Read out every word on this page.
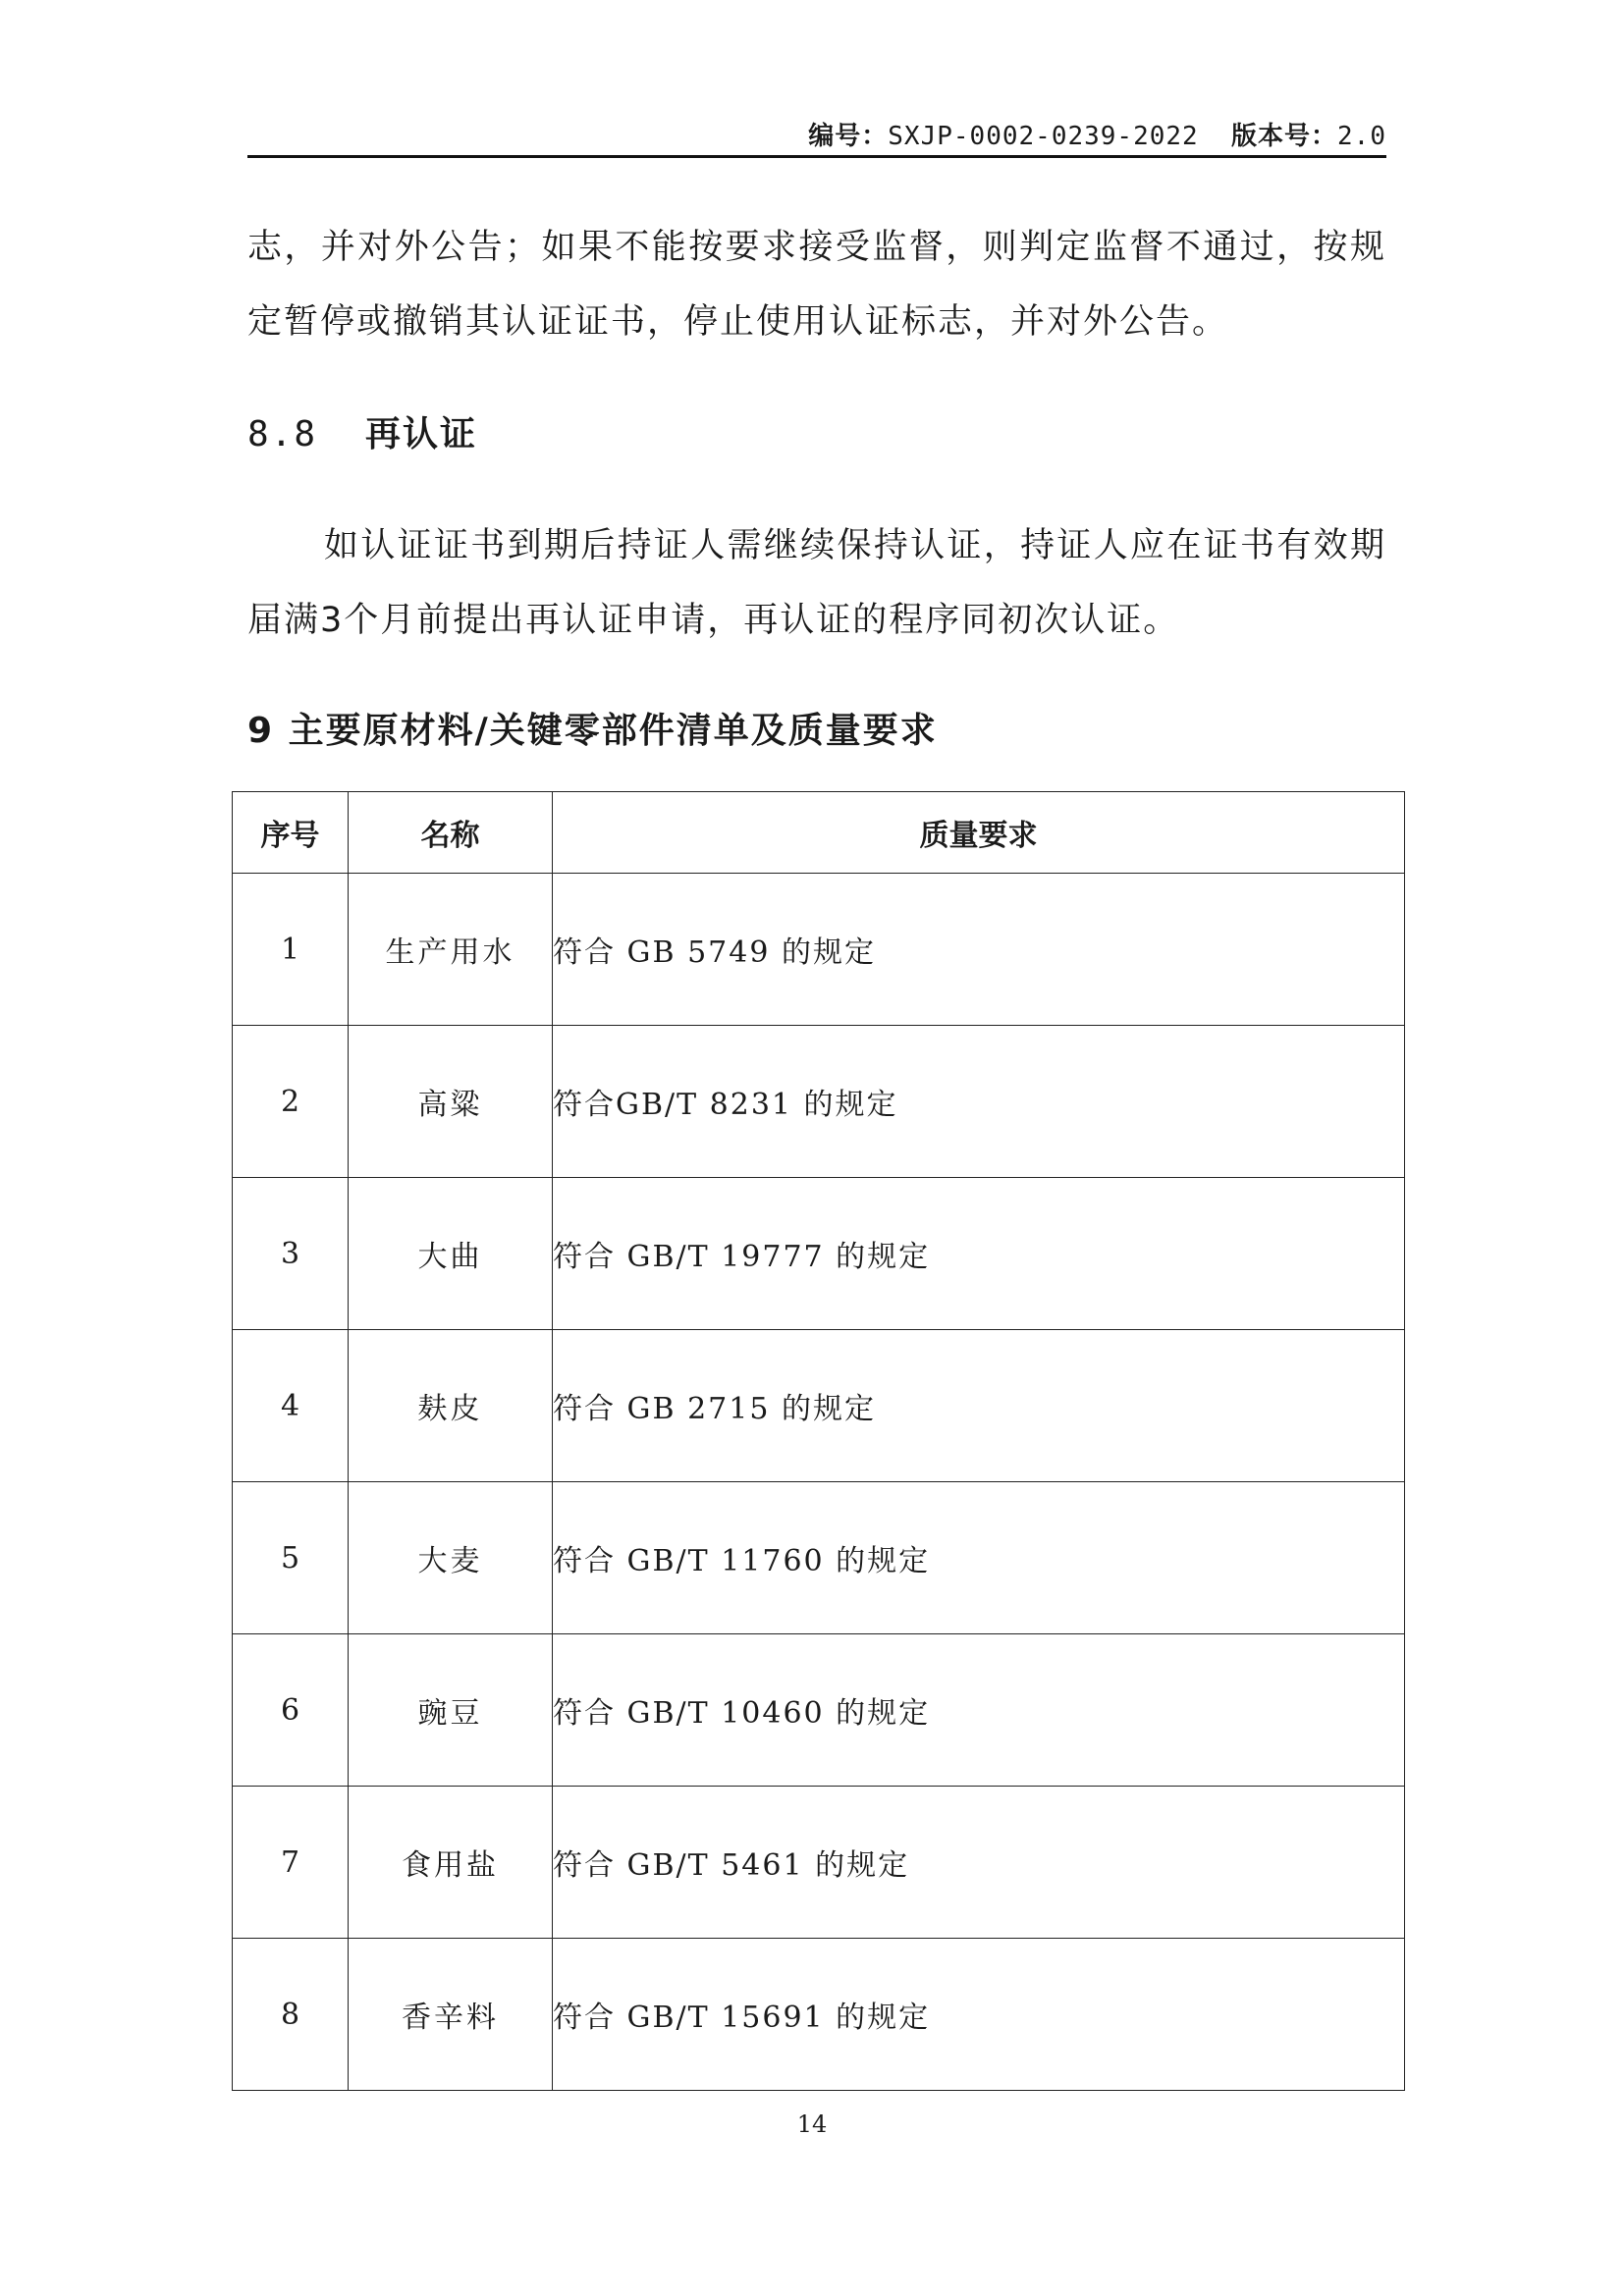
编号：SXJP-0002-0239-2022 版本号：2.0

志，并对外公告；如果不能按要求接受监督，则判定监督不通过，按规定暂停或撤销其认证证书，停止使用认证标志，并对外公告。

8.8 再认证

如认证证书到期后持证人需继续保持认证，持证人应在证书有效期届满3个月前提出再认证申请，再认证的程序同初次认证。

9 主要原材料/关键零部件清单及质量要求
序号	名称	质量要求
1	生产用水	符合 GB 5749 的规定
2	高粱	符合GB/T 8231 的规定
3	大曲	符合 GB/T 19777 的规定
4	麸皮	符合 GB 2715 的规定
5	大麦	符合 GB/T 11760 的规定
6	豌豆	符合 GB/T 10460 的规定
7	食用盐	符合 GB/T 5461 的规定
8	香辛料	符合 GB/T 15691 的规定
14
